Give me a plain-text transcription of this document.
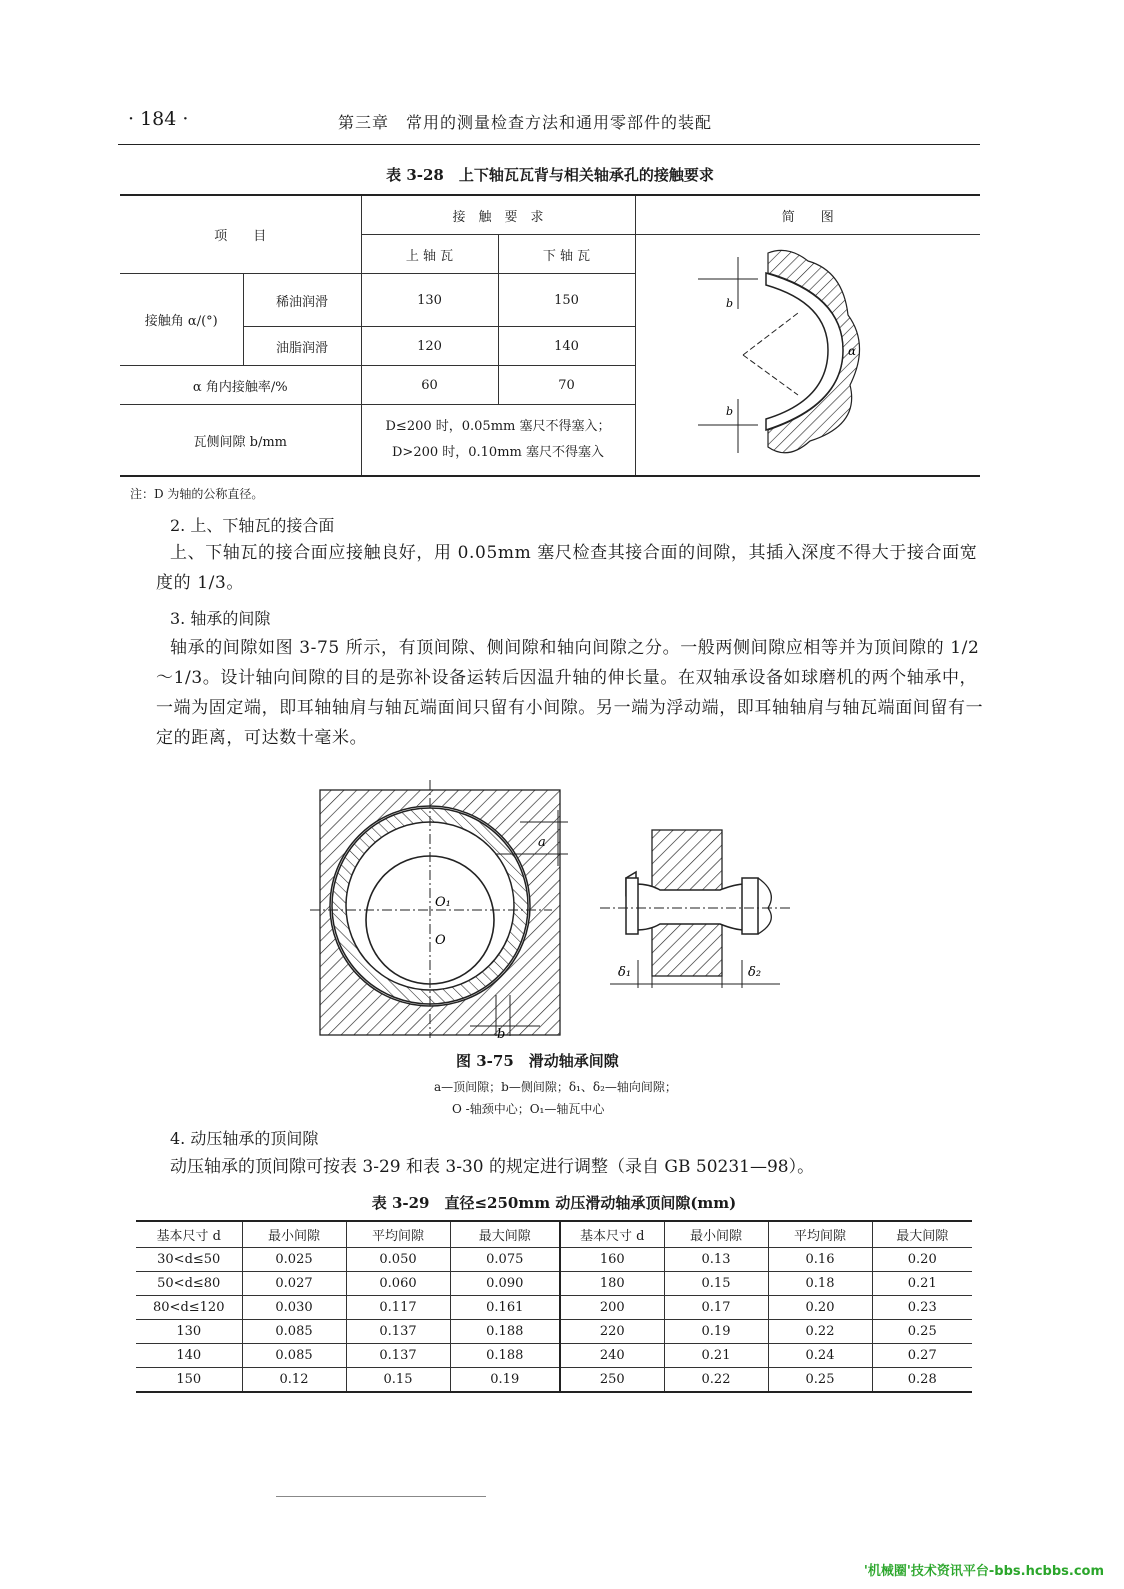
· 184 ·	第三章　常用的测量检查方法和通用零部件的装配
表 3-28　上下轴瓦瓦背与相关轴承孔的接触要求
项　　目		接　触　要　求		简　　图
		上 轴 瓦	下 轴 瓦	b
b
α

接触角 α/(°)	稀油润滑	130	150	
	油脂润滑	120	140	
α 角内接触率/%		60	70	
瓦侧间隙 b/mm		D≤200 时，0.05mm 塞尺不得塞入；
D>200 时，0.10mm 塞尺不得塞入		
注：D 为轴的公称直径。
2. 上、下轴瓦的接合面
上、下轴瓦的接合面应接触良好，用 0.05mm 塞尺检查其接合面的间隙，其插入深度不得大于接合面宽度的 1/3。
3. 轴承的间隙
轴承的间隙如图 3-75 所示，有顶间隙、侧间隙和轴向间隙之分。一般两侧间隙应相等并为顶间隙的 1/2～1/3。设计轴向间隙的目的是弥补设备运转后因温升轴的伸长量。在双轴承设备如球磨机的两个轴承中，一端为固定端，即耳轴轴肩与轴瓦端面间只留有小间隙。另一端为浮动端，即耳轴轴肩与轴瓦端面间留有一定的距离，可达数十毫米。
a
b
O₁
O
δ₁	δ₂
图 3-75　滑动轴承间隙
a—顶间隙；b—侧间隙；δ₁、δ₂—轴向间隙；
O -轴颈中心；O₁—轴瓦中心
4. 动压轴承的顶间隙
动压轴承的顶间隙可按表 3-29 和表 3-30 的规定进行调整（录自 GB 50231—98）。
表 3-29　直径≤250mm 动压滑动轴承顶间隙(mm)
基本尺寸 d	最小间隙	平均间隙	最大间隙	基本尺寸 d	最小间隙	平均间隙	最大间隙
30<d≤50	0.025	0.050	0.075	160	0.13	0.16	0.20
50<d≤80	0.027	0.060	0.090	180	0.15	0.18	0.21
80<d≤120	0.030	0.117	0.161	200	0.17	0.20	0.23
130	0.085	0.137	0.188	220	0.19	0.22	0.25
140	0.085	0.137	0.188	240	0.21	0.24	0.27
150	0.12	0.15	0.19	250	0.22	0.25	0.28
'机械圈'技术资讯平台-bbs.hcbbs.com
